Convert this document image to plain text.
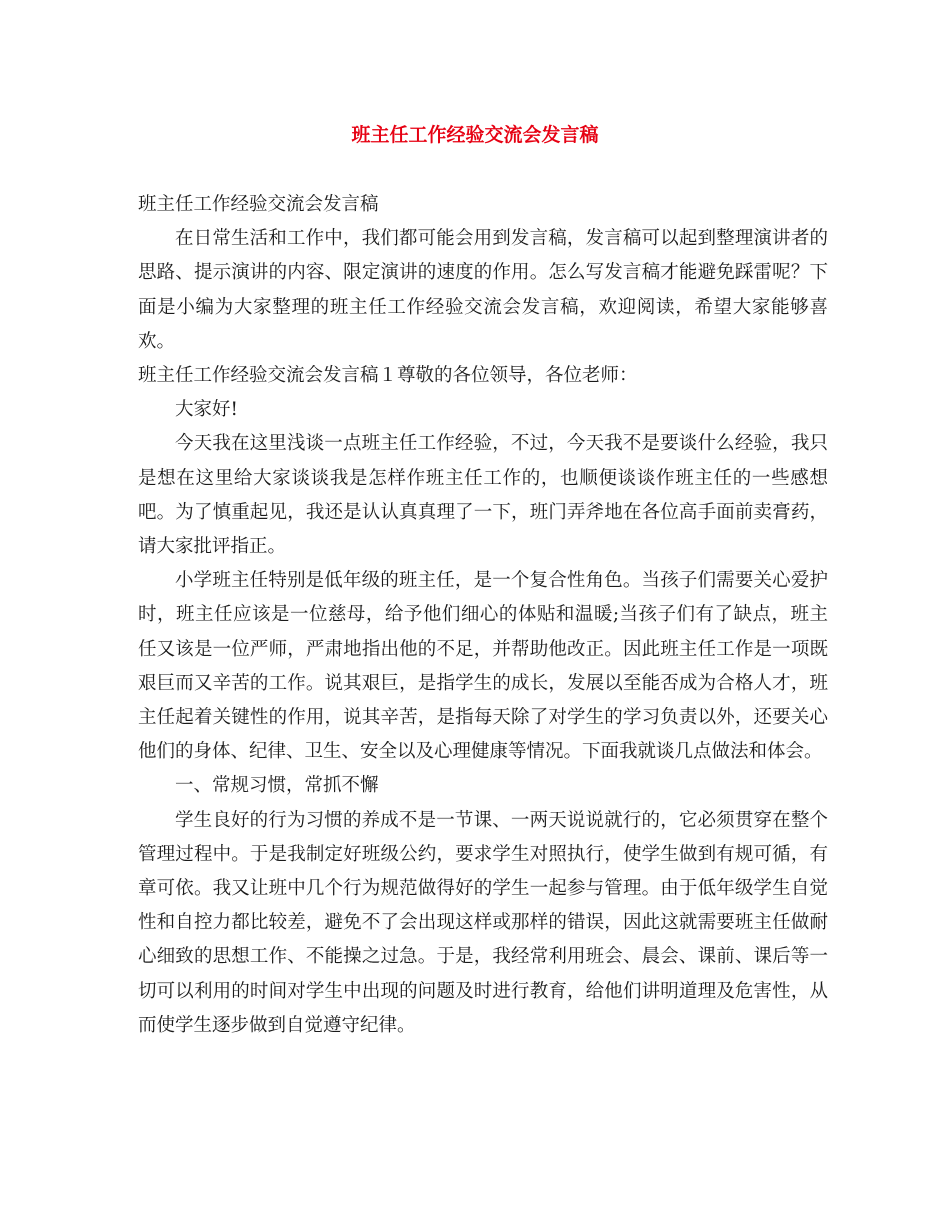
班主任工作经验交流会发言稿

班主任工作经验交流会发言稿

在日常生活和工作中，我们都可能会用到发言稿，发言稿可以起到整理演讲者的思路、提示演讲的内容、限定演讲的速度的作用。怎么写发言稿才能避免踩雷呢？下面是小编为大家整理的班主任工作经验交流会发言稿，欢迎阅读，希望大家能够喜欢。

班主任工作经验交流会发言稿１尊敬的各位领导，各位老师：

大家好!

今天我在这里浅谈一点班主任工作经验，不过，今天我不是要谈什么经验，我只是想在这里给大家谈谈我是怎样作班主任工作的，也顺便谈谈作班主任的一些感想吧。为了慎重起见，我还是认认真真理了一下，班门弄斧地在各位高手面前卖膏药，请大家批评指正。

小学班主任特别是低年级的班主任，是一个复合性角色。当孩子们需要关心爱护时，班主任应该是一位慈母，给予他们细心的体贴和温暖;当孩子们有了缺点，班主任又该是一位严师，严肃地指出他的不足，并帮助他改正。因此班主任工作是一项既艰巨而又辛苦的工作。说其艰巨，是指学生的成长，发展以至能否成为合格人才，班主任起着关键性的作用，说其辛苦，是指每天除了对学生的学习负责以外，还要关心他们的身体、纪律、卫生、安全以及心理健康等情况。下面我就谈几点做法和体会。

一、常规习惯，常抓不懈

学生良好的行为习惯的养成不是一节课、一两天说说就行的，它必须贯穿在整个管理过程中。于是我制定好班级公约，要求学生对照执行，使学生做到有规可循，有章可依。我又让班中几个行为规范做得好的学生一起参与管理。由于低年级学生自觉性和自控力都比较差，避免不了会出现这样或那样的错误，因此这就需要班主任做耐心细致的思想工作、不能操之过急。于是，我经常利用班会、晨会、课前、课后等一切可以利用的时间对学生中出现的问题及时进行教育，给他们讲明道理及危害性，从而使学生逐步做到自觉遵守纪律。
